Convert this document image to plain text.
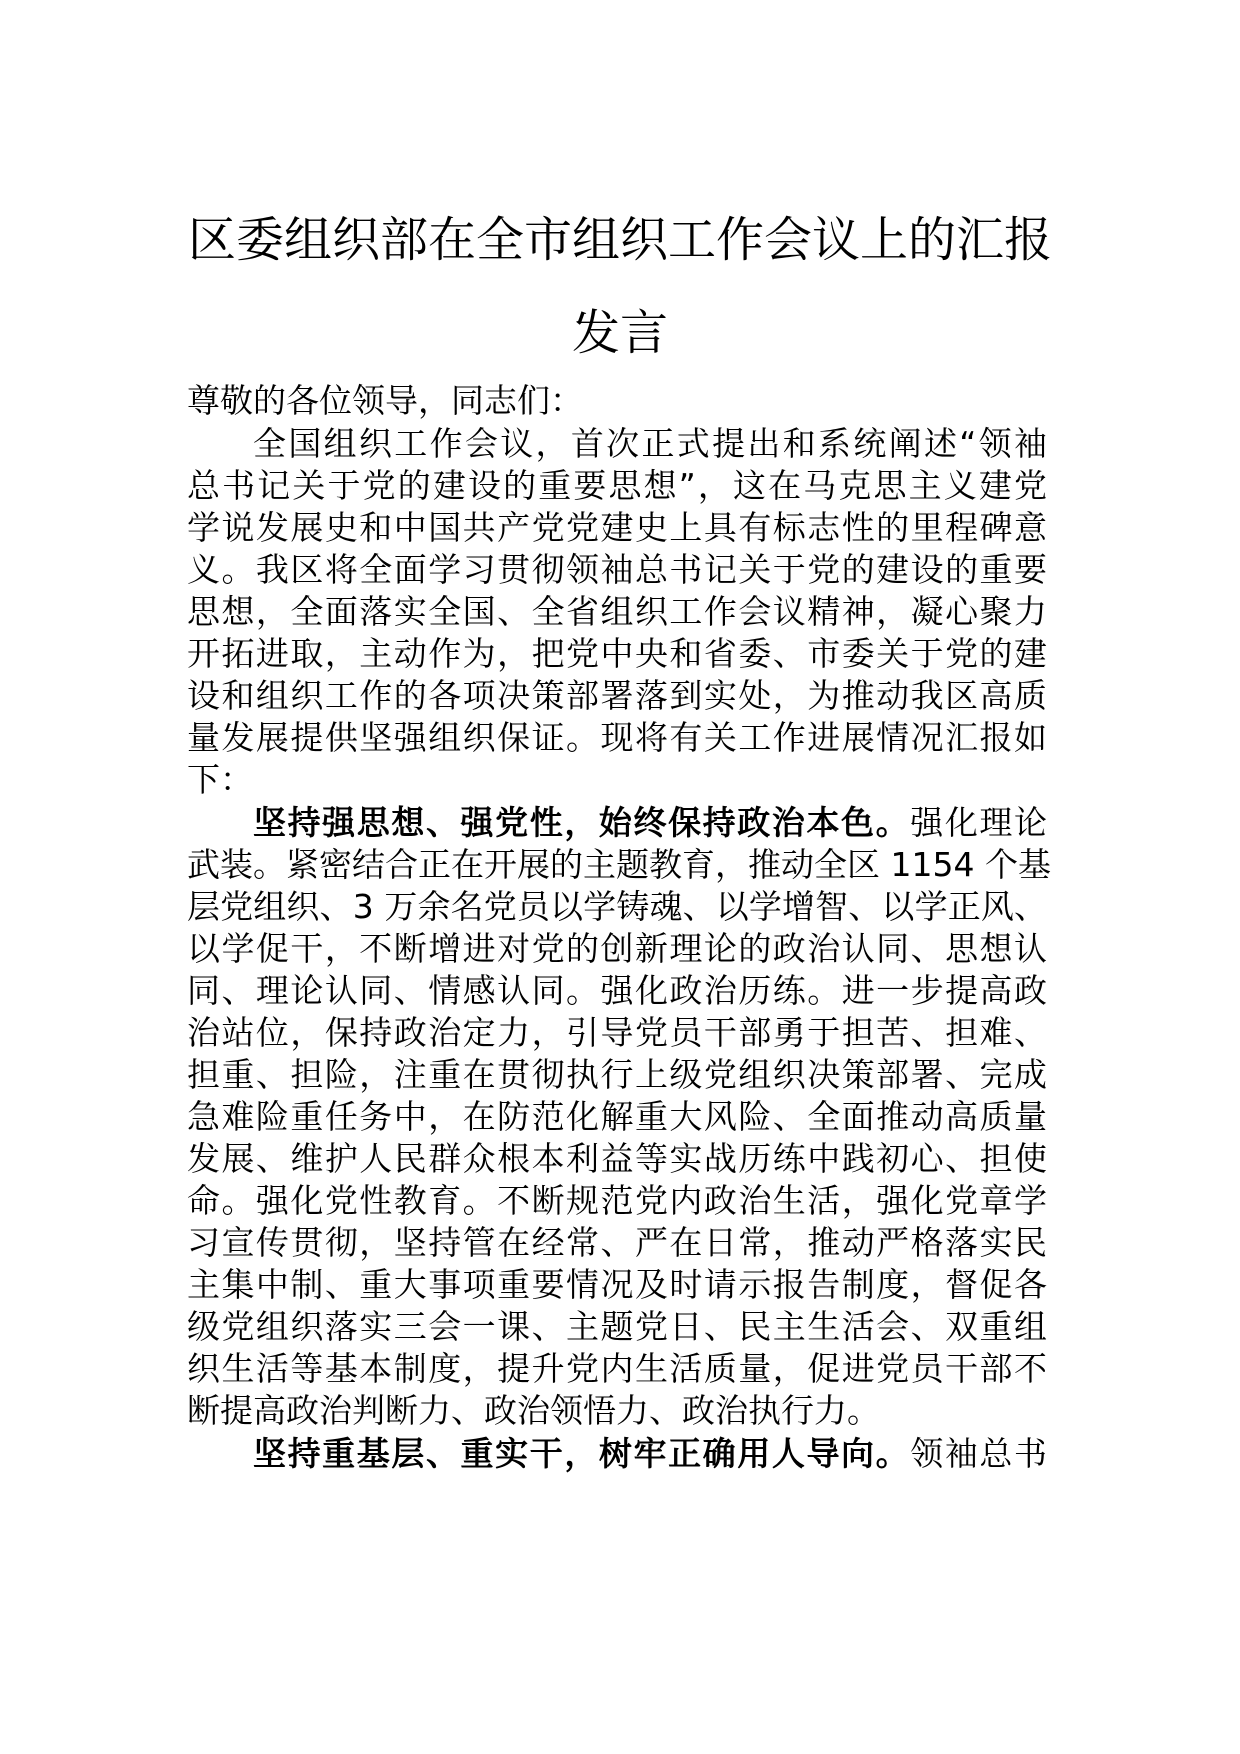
区委组织部在全市组织工作会议上的汇报
发言
尊敬的各位领导，同志们：
全国组织工作会议，首次正式提出和系统阐述“领袖
总书记关于党的建设的重要思想”，这在马克思主义建党
学说发展史和中国共产党党建史上具有标志性的里程碑意
义。我区将全面学习贯彻领袖总书记关于党的建设的重要
思想，全面落实全国、全省组织工作会议精神，凝心聚力
开拓进取，主动作为，把党中央和省委、市委关于党的建
设和组织工作的各项决策部署落到实处，为推动我区高质
量发展提供坚强组织保证。现将有关工作进展情况汇报如
下：
坚持强思想、强党性，始终保持政治本色。强化理论
武装。紧密结合正在开展的主题教育，推动全区 1154 个基
层党组织、3 万余名党员以学铸魂、以学增智、以学正风、
以学促干，不断增进对党的创新理论的政治认同、思想认
同、理论认同、情感认同。强化政治历练。进一步提高政
治站位，保持政治定力，引导党员干部勇于担苦、担难、
担重、担险，注重在贯彻执行上级党组织决策部署、完成
急难险重任务中，在防范化解重大风险、全面推动高质量
发展、维护人民群众根本利益等实战历练中践初心、担使
命。强化党性教育。不断规范党内政治生活，强化党章学
习宣传贯彻，坚持管在经常、严在日常，推动严格落实民
主集中制、重大事项重要情况及时请示报告制度，督促各
级党组织落实三会一课、主题党日、民主生活会、双重组
织生活等基本制度，提升党内生活质量，促进党员干部不
断提高政治判断力、政治领悟力、政治执行力。
坚持重基层、重实干，树牢正确用人导向。领袖总书
